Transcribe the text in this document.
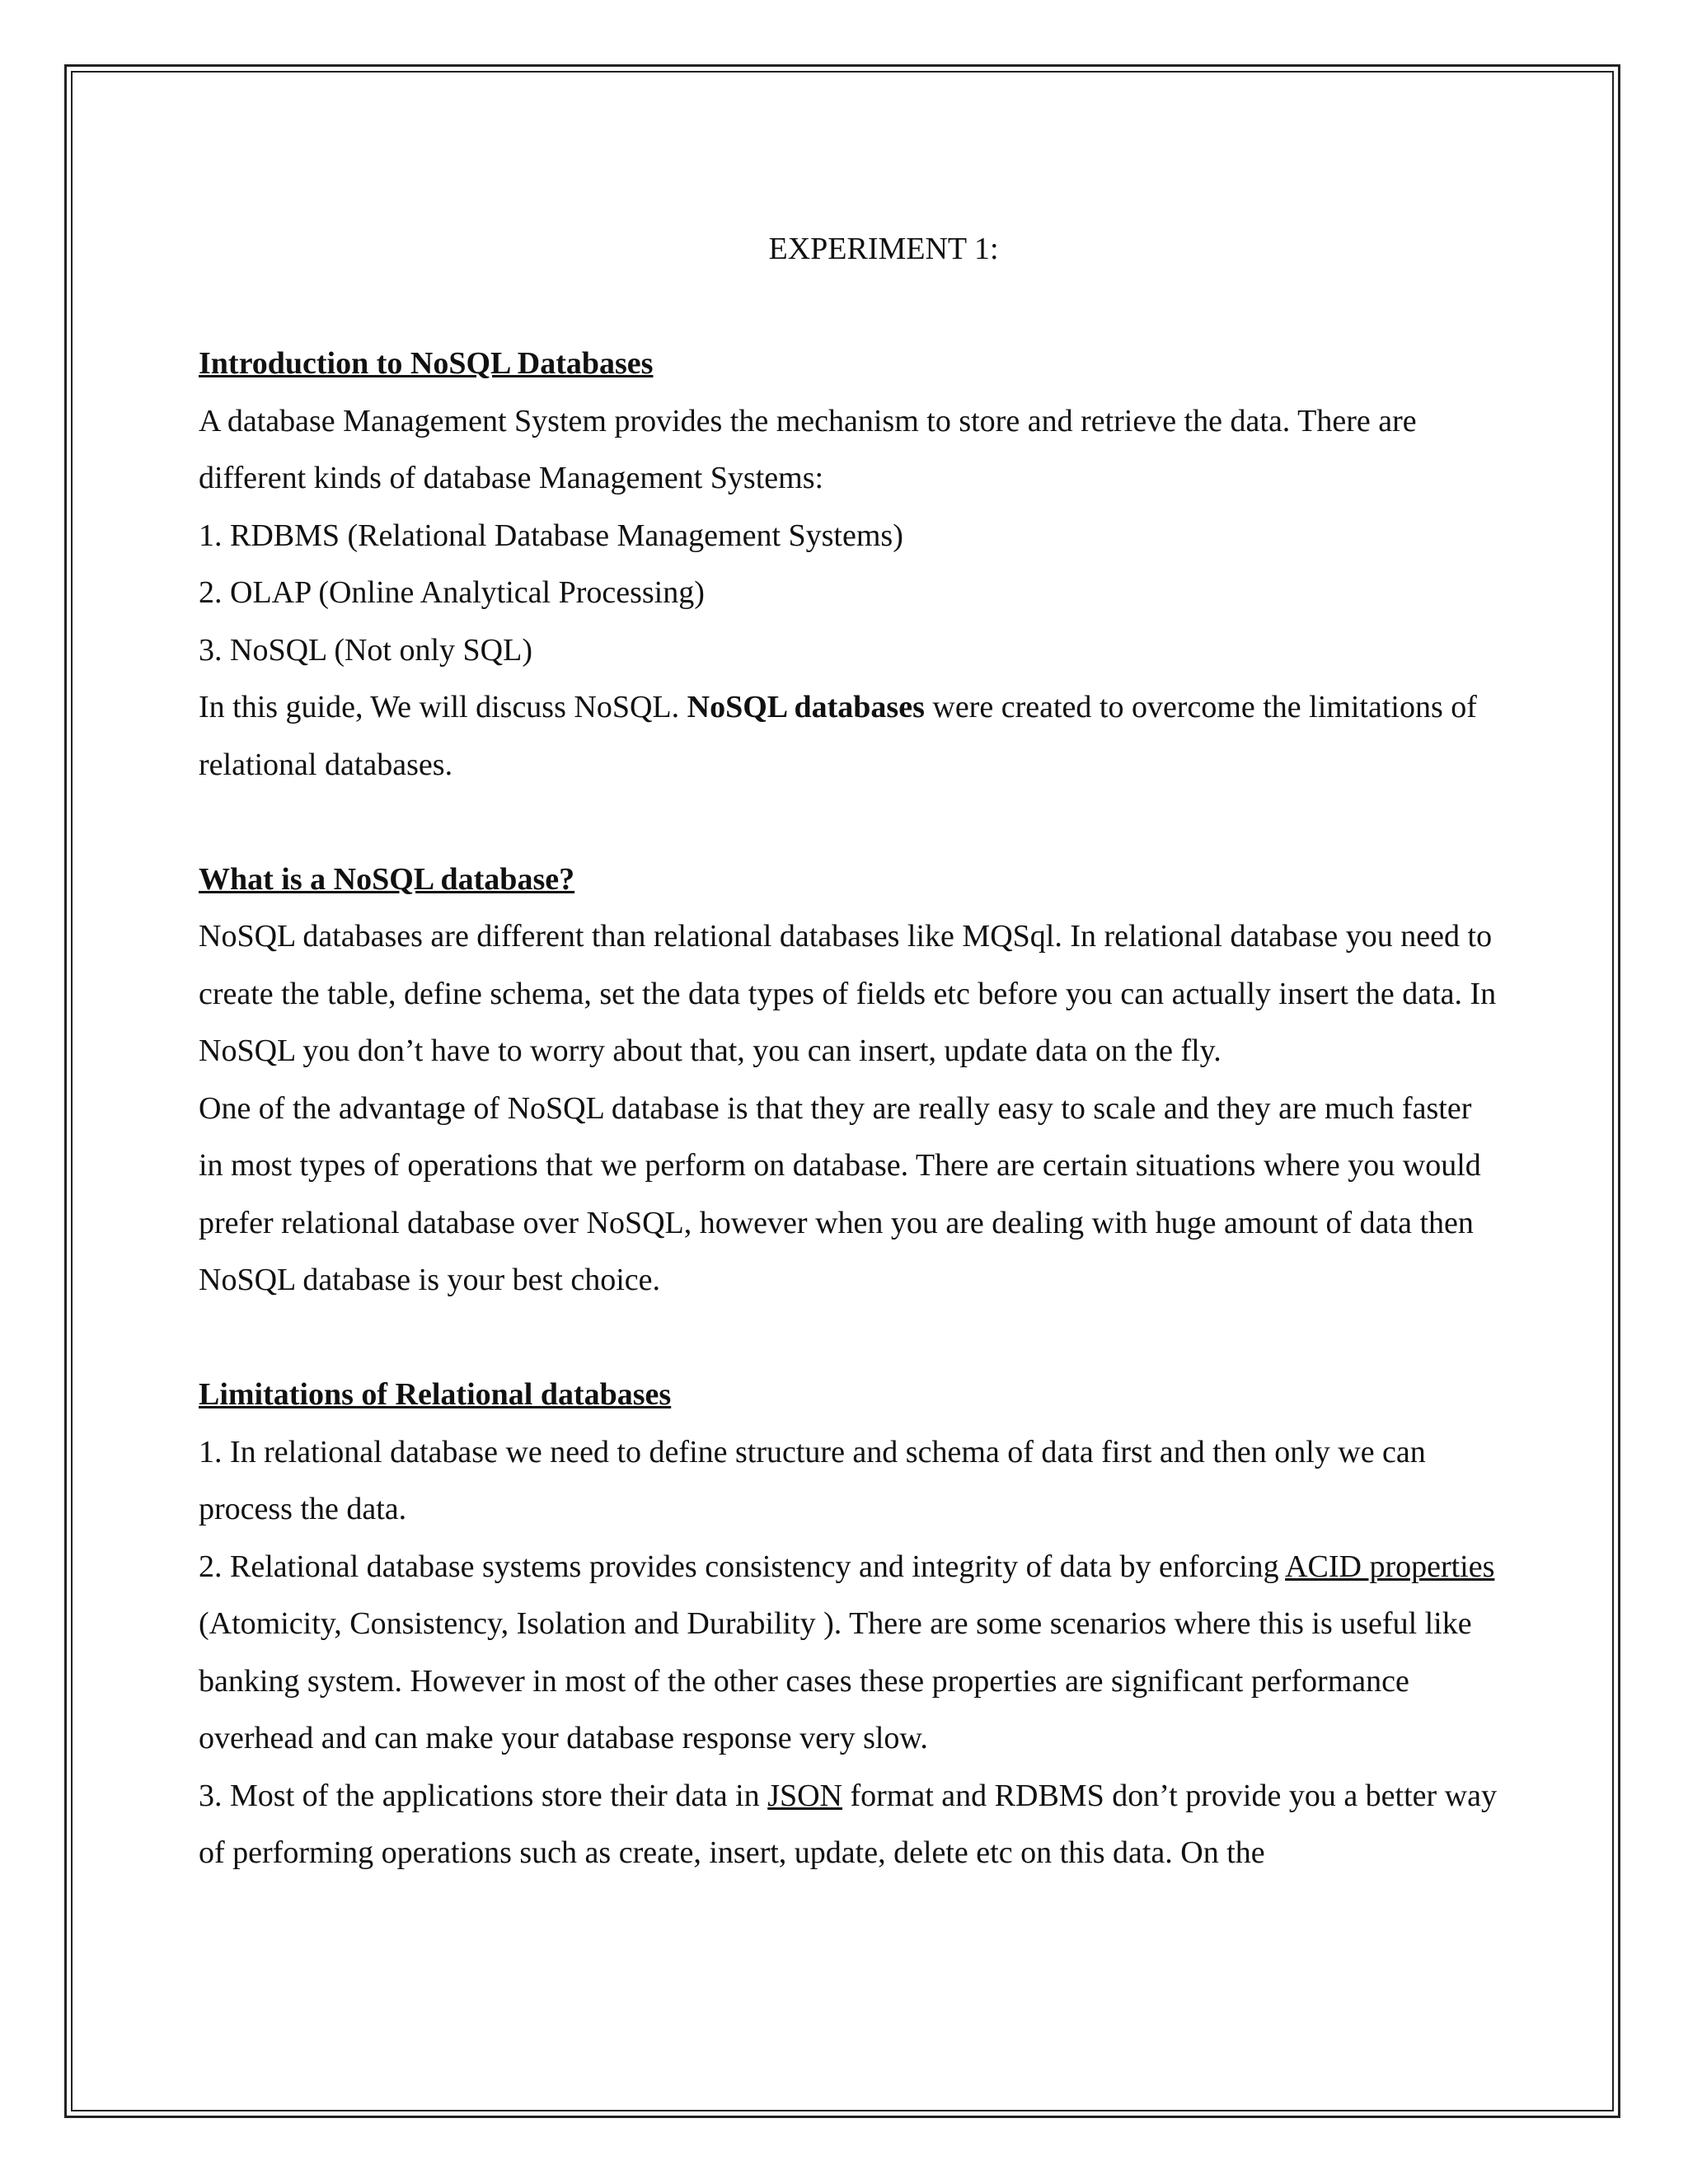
EXPERIMENT 1:
Introduction to NoSQL Databases

A database Management System provides the mechanism to store and retrieve the data. There are different kinds of database Management Systems:

1. RDBMS (Relational Database Management Systems)

2. OLAP (Online Analytical Processing)

3. NoSQL (Not only SQL)

In this guide, We will discuss NoSQL. NoSQL databases were created to overcome the limitations of relational databases.

What is a NoSQL database?

NoSQL databases are different than relational databases like MQSql. In relational database you need to create the table, define schema, set the data types of fields etc before you can actually insert the data. In NoSQL you don’t have to worry about that, you can insert, update data on the fly.

One of the advantage of NoSQL database is that they are really easy to scale and they are much faster in most types of operations that we perform on database. There are certain situations where you would prefer relational database over NoSQL, however when you are dealing with huge amount of data then NoSQL database is your best choice.

Limitations of Relational databases

1. In relational database we need to define structure and schema of data first and then only we can process the data.

2. Relational database systems provides consistency and integrity of data by enforcing ACID properties (Atomicity, Consistency, Isolation and Durability ). There are some scenarios where this is useful like banking system. However in most of the other cases these properties are significant performance overhead and can make your database response very slow.

3. Most of the applications store their data in JSON format and RDBMS don’t provide you a better way of performing operations such as create, insert, update, delete etc on this data. On the
